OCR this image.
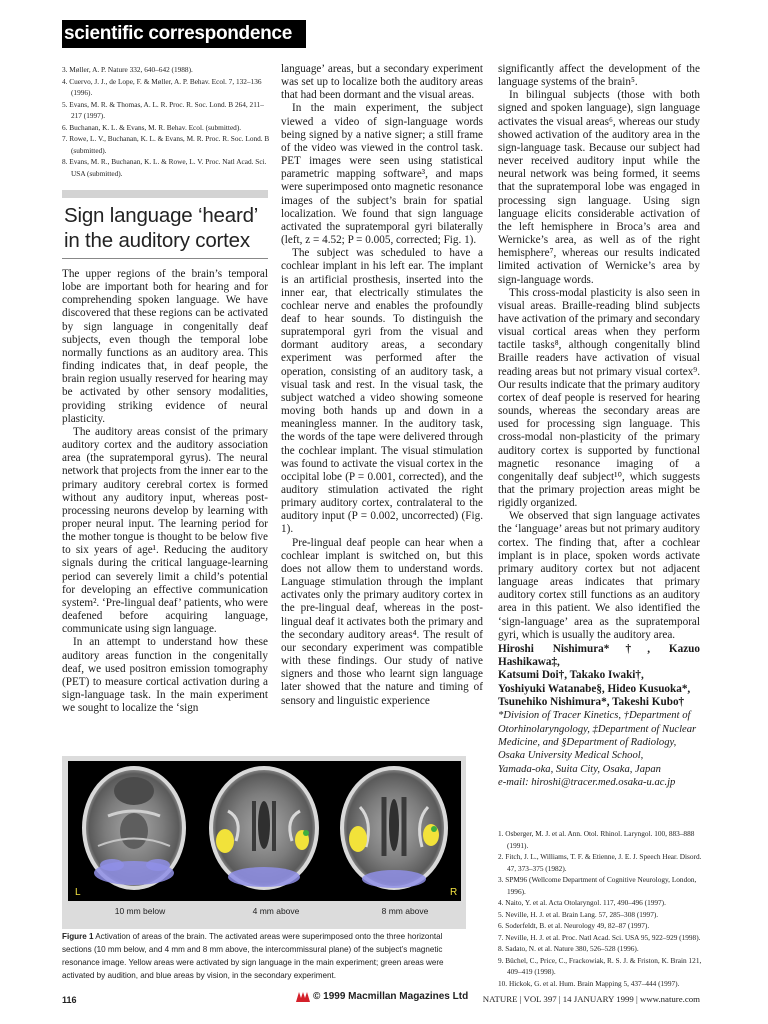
scientific correspondence
3. Møller, A. P. Nature 332, 640–642 (1988).
4. Cuervo, J. J., de Lope, F. & Møller, A. P. Behav. Ecol. 7, 132–136 (1996).
5. Evans, M. R. & Thomas, A. L. R. Proc. R. Soc. Lond. B 264, 211–217 (1997).
6. Buchanan, K. L. & Evans, M. R. Behav. Ecol. (submitted).
7. Rowe, L. V., Buchanan, K. L. & Evans, M. R. Proc. R. Soc. Lond. B (submitted).
8. Evans, M. R., Buchanan, K. L. & Rowe, L. V. Proc. Natl Acad. Sci. USA (submitted).
Sign language ‘heard’
in the auditory cortex

The upper regions of the brain’s temporal lobe are important both for hearing and for comprehending spoken language. We have discovered that these regions can be activated by sign language in congenitally deaf subjects, even though the temporal lobe normally functions as an auditory area. This finding indicates that, in deaf people, the brain region usually reserved for hearing may be activated by other sensory modalities, providing striking evidence of neural plasticity.

The auditory areas consist of the primary auditory cortex and the auditory association area (the supratemporal gyrus). The neural network that projects from the inner ear to the primary auditory cerebral cortex is formed without any auditory input, whereas post-processing neurons develop by learning with proper neural input. The learning period for the mother tongue is thought to be below five to six years of age¹. Reducing the auditory signals during the critical language-learning period can severely limit a child’s potential for developing an effective communication system². ‘Pre-lingual deaf’ patients, who were deafened before acquiring language, communicate using sign language.

In an attempt to understand how these auditory areas function in the congenitally deaf, we used positron emission tomography (PET) to measure cortical activation during a sign-language task. In the main experiment we sought to localize the ‘sign

language’ areas, but a secondary experiment was set up to localize both the auditory areas that had been dormant and the visual areas.

In the main experiment, the subject viewed a video of sign-language words being signed by a native signer; a still frame of the video was viewed in the control task. PET images were seen using statistical parametric mapping software³, and maps were superimposed onto magnetic resonance images of the subject’s brain for spatial localization. We found that sign language activated the supratemporal gyri bilaterally (left, z = 4.52; P = 0.005, corrected; Fig. 1).

The subject was scheduled to have a cochlear implant in his left ear. The implant is an artificial prosthesis, inserted into the inner ear, that electrically stimulates the cochlear nerve and enables the profoundly deaf to hear sounds. To distinguish the supratemporal gyri from the visual and dormant auditory areas, a secondary experiment was performed after the operation, consisting of an auditory task, a visual task and rest. In the visual task, the subject watched a video showing someone moving both hands up and down in a meaningless manner. In the auditory task, the words of the tape were delivered through the cochlear implant. The visual stimulation was found to activate the visual cortex in the occipital lobe (P = 0.001, corrected), and the auditory stimulation activated the right primary auditory cortex, contralateral to the auditory input (P = 0.002, uncorrected) (Fig. 1).

Pre-lingual deaf people can hear when a cochlear implant is switched on, but this does not allow them to understand words. Language stimulation through the implant activates only the primary auditory cortex in the pre-lingual deaf, whereas in the post-lingual deaf it activates both the primary and the secondary auditory areas⁴. The result of our secondary experiment was compatible with these findings. Our study of native signers and those who learnt sign language later showed that the nature and timing of sensory and linguistic experience

significantly affect the development of the language systems of the brain⁵.

In bilingual subjects (those with both signed and spoken language), sign language activates the visual areas⁶, whereas our study showed activation of the auditory area in the sign-language task. Because our subject had never received auditory input while the neural network was being formed, it seems that the supratemporal lobe was engaged in processing sign language. Using sign language elicits considerable activation of the left hemisphere in Broca’s area and Wernicke’s area, as well as of the right hemisphere⁷, whereas our results indicated limited activation of Wernicke’s area by sign-language words.

This cross-modal plasticity is also seen in visual areas. Braille-reading blind subjects have activation of the primary and secondary visual cortical areas when they perform tactile tasks⁸, although congenitally blind Braille readers have activation of visual reading areas but not primary visual cortex⁹. Our results indicate that the primary auditory cortex of deaf people is reserved for hearing sounds, whereas the secondary areas are used for processing sign language. This cross-modal non-plasticity of the primary auditory cortex is supported by functional magnetic resonance imaging of a congenitally deaf subject¹⁰, which suggests that the primary projection areas might be rigidly organized.

We observed that sign language activates the ‘language’ areas but not primary auditory cortex. The finding that, after a cochlear implant is in place, spoken words activate primary auditory cortex but not adjacent language areas indicates that primary auditory cortex still functions as an auditory area in this patient. We also identified the ‘sign-language’ area as the supratemporal gyri, which is usually the auditory area.

Hiroshi Nishimura*†, Kazuo Hashikawa‡,
Katsumi Doi†, Takako Iwaki†,
Yoshiyuki Watanabe§, Hideo Kusuoka*,
Tsunehiko Nishimura*, Takeshi Kubo†
*Division of Tracer Kinetics, †Department of
Otorhinolaryngology, ‡Department of Nuclear
Medicine, and §Department of Radiology,
Osaka University Medical School,
Yamada-oka, Suita City, Osaka, Japan
e-mail: hiroshi@tracer.med.osaka-u.ac.jp
1. Osberger, M. J. et al. Ann. Otol. Rhinol. Laryngol. 100, 883–888 (1991).
2. Fitch, J. L., Williams, T. F. & Etienne, J. E. J. Speech Hear. Disord. 47, 373–375 (1982).
3. SPM96 (Wellcome Department of Cognitive Neurology, London, 1996).
4. Naito, Y. et al. Acta Otolaryngol. 117, 490–496 (1997).
5. Neville, H. J. et al. Brain Lang. 57, 285–308 (1997).
6. Soderfeldt, B. et al. Neurology 49, 82–87 (1997).
7. Neville, H. J. et al. Proc. Natl Acad. Sci. USA 95, 922–929 (1998).
8. Sadato, N. et al. Nature 380, 526–528 (1996).
9. Büchel, C., Price, C., Frackowiak, R. S. J. & Friston, K. Brain 121, 409–419 (1998).
10. Hickok, G. et al. Hum. Brain Mapping 5, 437–444 (1997).
L	R
10 mm below	4 mm above	8 mm above
Figure 1 Activation of areas of the brain. The activated areas were superimposed onto the three horizontal sections (10 mm below, and 4 mm and 8 mm above, the intercommissural plane) of the subject’s magnetic resonance image. Yellow areas were activated by sign language in the main experiment; green areas were activated by audition, and blue areas by vision, in the secondary experiment.
116	© 1999 Macmillan Magazines Ltd NATURE | VOL 397 | 14 JANUARY 1999 | www.nature.com
